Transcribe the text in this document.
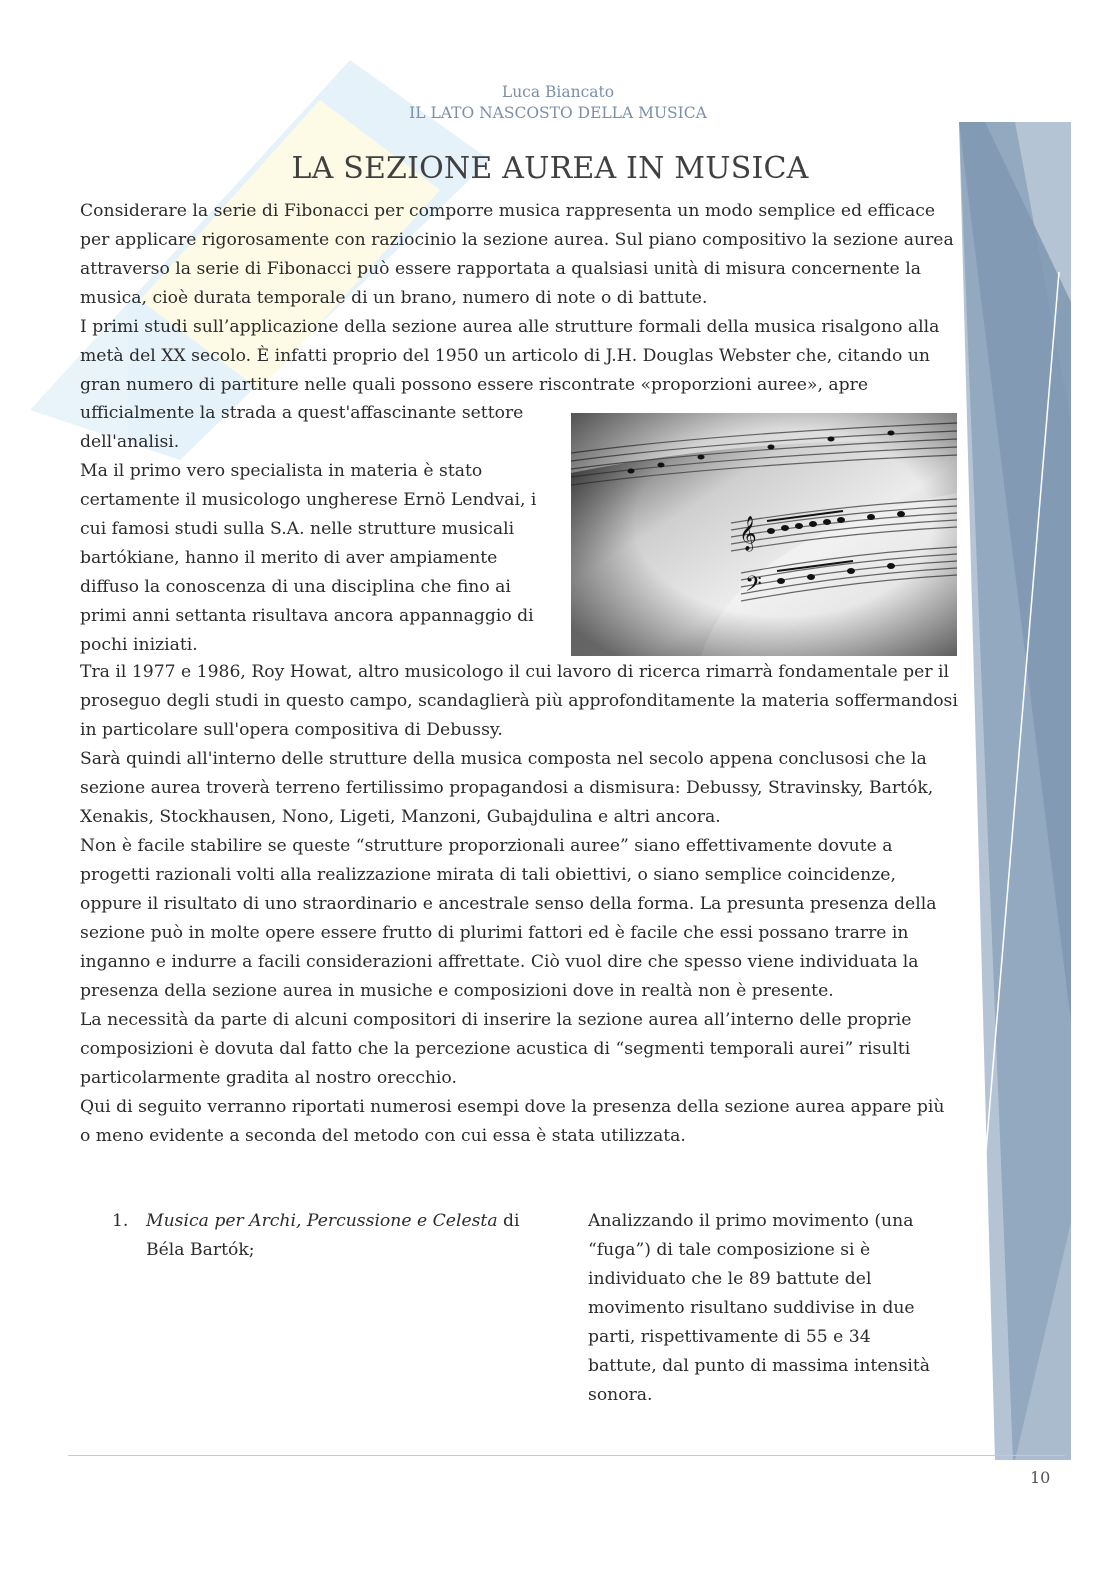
Luca Biancato
IL LATO NASCOSTO DELLA MUSICA
LA SEZIONE AUREA IN MUSICA

Considerare la serie di Fibonacci per comporre musica rappresenta un modo semplice ed efficace per applicare rigorosamente con raziocinio la sezione aurea. Sul piano compositivo la sezione aurea attraverso la serie di Fibonacci può essere rapportata a qualsiasi unità di misura concernente la musica, cioè durata temporale di un brano, numero di note o di battute.

I primi studi sull’applicazione della sezione aurea alle strutture formali della musica risalgono alla metà del XX secolo. È infatti proprio del 1950 un articolo di J.H. Douglas Webster che, citando un gran numero di partiture nelle quali possono essere riscontrate «proporzioni auree», apre

ufficialmente la strada a quest'affascinante settore dell'analisi.

Ma il primo vero specialista in materia è stato certamente il musicologo ungherese Ernö Lendvai, i cui famosi studi sulla S.A. nelle strutture musicali bartókiane, hanno il merito di aver ampiamente diffuso la conoscenza di una disciplina che fino ai primi anni settanta risultava ancora appannaggio di pochi iniziati.

Tra il 1977 e 1986, Roy Howat, altro musicologo il cui lavoro di ricerca rimarrà fondamentale per il proseguo degli studi in questo campo, scandaglierà più approfonditamente la materia soffermandosi in particolare sull'opera compositiva di Debussy.

Sarà quindi all'interno delle strutture della musica composta nel secolo appena conclusosi che la sezione aurea troverà terreno fertilissimo propagandosi a dismisura: Debussy, Stravinsky, Bartók, Xenakis, Stockhausen, Nono, Ligeti, Manzoni, Gubajdulina e altri ancora.

Non è facile stabilire se queste “strutture proporzionali auree” siano effettivamente dovute a progetti razionali volti alla realizzazione mirata di tali obiettivi, o siano semplice coincidenze, oppure il risultato di uno straordinario e ancestrale senso della forma. La presunta presenza della sezione può in molte opere essere frutto di plurimi fattori ed è facile che essi possano trarre in inganno e indurre a facili considerazioni affrettate. Ciò vuol dire che spesso viene individuata la presenza della sezione aurea in musiche e composizioni dove in realtà non è presente.

La necessità da parte di alcuni compositori di inserire la sezione aurea all’interno delle proprie composizioni è dovuta dal fatto che la percezione acustica di “segmenti temporali aurei” risulti particolarmente gradita al nostro orecchio.

Qui di seguito verranno riportati numerosi esempi dove la presenza della sezione aurea appare più o meno evidente a seconda del metodo con cui essa è stata utilizzata.

1. Musica per Archi, Percussione e Celesta di Béla Bartók;
Analizzando il primo movimento (una “fuga”) di tale composizione si è individuato che le 89 battute del movimento risultano suddivise in due parti, rispettivamente di 55 e 34 battute, dal punto di massima intensità sonora.
10
